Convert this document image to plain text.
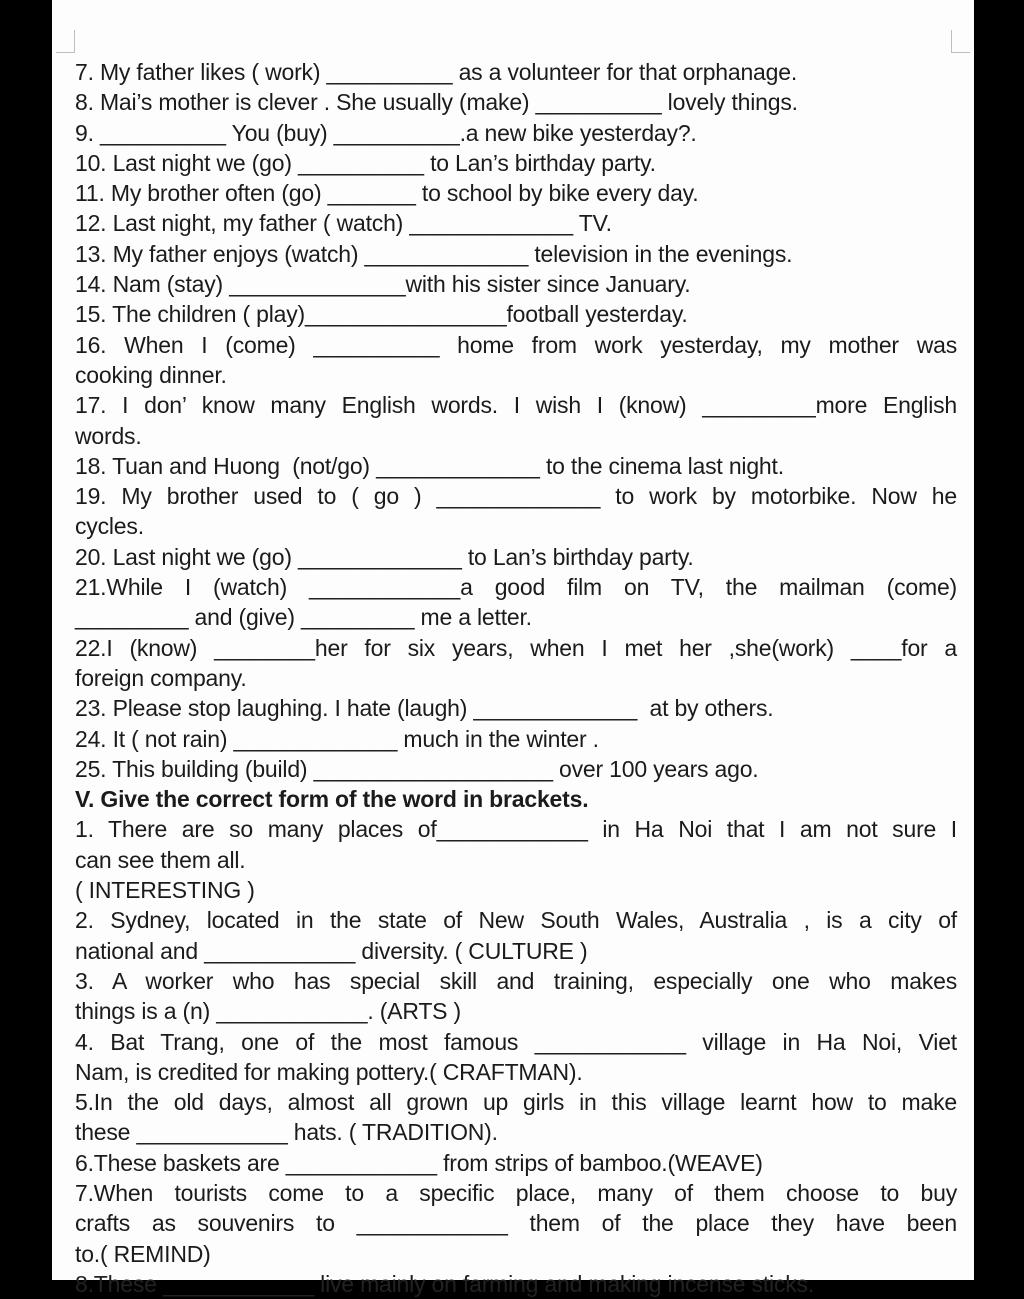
7. My father likes ( work) __________ as a volunteer for that orphanage.
8. Mai’s mother is clever . She usually (make) __________ lovely things.
9. __________ You (buy) __________.a new bike yesterday?.
10. Last night we (go) __________ to Lan’s birthday party.
11. My brother often (go) _______ to school by bike every day.
12. Last night, my father ( watch) _____________ TV.
13. My father enjoys (watch) _____________ television in the evenings.
14. Nam (stay) ______________with his sister since January.
15. The children ( play)________________football yesterday.
16. When I (come) __________ home from work yesterday, my mother was
cooking dinner.
17. I don’ know many English words. I wish I (know) _________more English
words.
18. Tuan and Huong  (not/go) _____________ to the cinema last night.
19. My brother used to ( go ) _____________ to work by motorbike. Now he
cycles.
20. Last night we (go) _____________ to Lan’s birthday party.
21.While I (watch) ____________a good film on TV, the mailman (come)
_________ and (give) _________ me a letter.
22.I (know) ________her for six years, when I met her ,she(work) ____for a
foreign company.
23. Please stop laughing. I hate (laugh) _____________  at by others.
24. It ( not rain) _____________ much in the winter .
25. This building (build) ___________________ over 100 years ago.
V. Give the correct form of the word in brackets.
1. There are so many places of____________ in Ha Noi that I am not sure I
can see them all.
( INTERESTING )
2. Sydney, located in the state of New South Wales, Australia , is a city of
national and ____________ diversity. ( CULTURE )
3. A worker who has special skill and training, especially one who makes
things is a (n) ____________. (ARTS )
4. Bat Trang, one of the most famous ____________ village in Ha Noi, Viet
Nam, is credited for making pottery.( CRAFTMAN).
5.In the old days, almost all grown up girls in this village learnt how to make
these ____________ hats. ( TRADITION).
6.These baskets are ____________ from strips of bamboo.(WEAVE)
7.When tourists come to a specific place, many of them choose to buy
crafts as souvenirs to ____________ them of the place they have been
to.( REMIND)
8.These ____________ live mainly on farming and making incense sticks.
